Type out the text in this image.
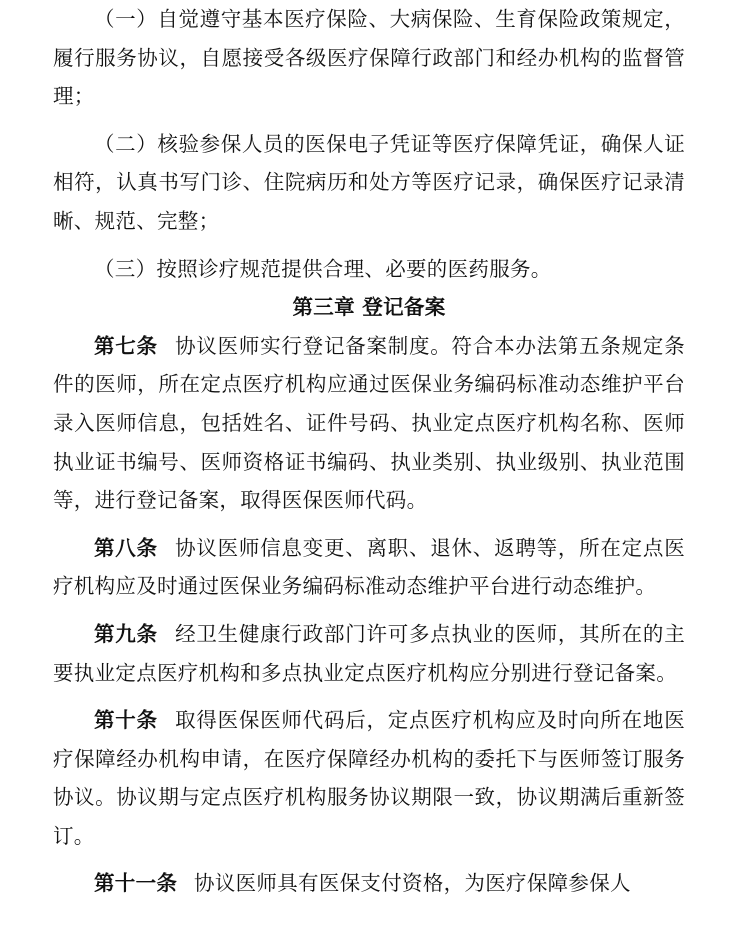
（一）自觉遵守基本医疗保险、大病保险、生育保险政策规定，履行服务协议，自愿接受各级医疗保障行政部门和经办机构的监督管理；

（二）核验参保人员的医保电子凭证等医疗保障凭证，确保人证相符，认真书写门诊、住院病历和处方等医疗记录，确保医疗记录清晰、规范、完整；

（三）按照诊疗规范提供合理、必要的医药服务。

第三章 登记备案

第七条 协议医师实行登记备案制度。符合本办法第五条规定条件的医师，所在定点医疗机构应通过医保业务编码标准动态维护平台录入医师信息，包括姓名、证件号码、执业定点医疗机构名称、医师执业证书编号、医师资格证书编码、执业类别、执业级别、执业范围等，进行登记备案，取得医保医师代码。

第八条 协议医师信息变更、离职、退休、返聘等，所在定点医疗机构应及时通过医保业务编码标准动态维护平台进行动态维护。

第九条 经卫生健康行政部门许可多点执业的医师，其所在的主要执业定点医疗机构和多点执业定点医疗机构应分别进行登记备案。

第十条 取得医保医师代码后，定点医疗机构应及时向所在地医疗保障经办机构申请，在医疗保障经办机构的委托下与医师签订服务协议。协议期与定点医疗机构服务协议期限一致，协议期满后重新签订。

第十一条 协议医师具有医保支付资格，为医疗保障参保人
